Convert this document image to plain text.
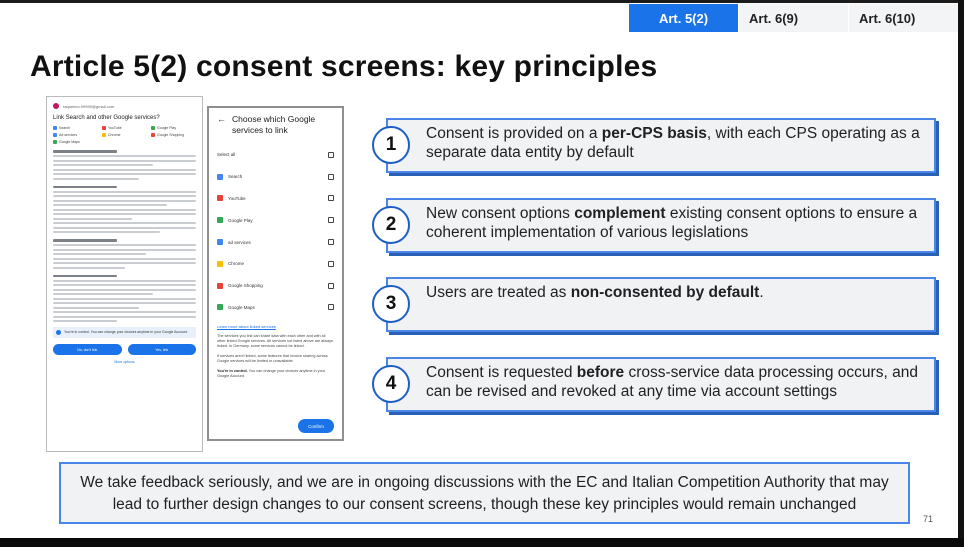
Art. 5(2)	Art. 6(9)	Art. 6(10)
Article 5(2) consent screens: key principles
raquelmo.99999@gmail.com
Link Search and other Google services?
Search	YouTube	Google Play
Ad services	Chrome	Google Shopping
Google Maps
You're in control. You can change your choices anytime in your Google Account.
No, don't link	Yes, link
More options
← Choose which Google services to link
Select all
Search
YouTube
Google Play
ad services
Chrome
Google Shopping
Google Maps
Learn more about linked services
The services you link can share data with each other and with all other linked Google services. All services not listed above are always linked. In Germany, some services cannot be linked.
If services aren't linked, some features that involve sharing across Google services will be limited or unavailable.
You're in control. You can change your choices anytime in your Google Account.
Confirm
1
Consent is provided on a per-CPS basis, with each CPS operating as a separate data entity by default
2
New consent options complement existing consent options to ensure a coherent implementation of various legislations
3
Users are treated as non-consented by default.
4
Consent is requested before cross-service data processing occurs, and can be revised and revoked at any time via account settings
We take feedback seriously, and we are in ongoing discussions with the EC and Italian Competition Authority that may lead to further design changes to our consent screens, though these key principles would remain unchanged
71
